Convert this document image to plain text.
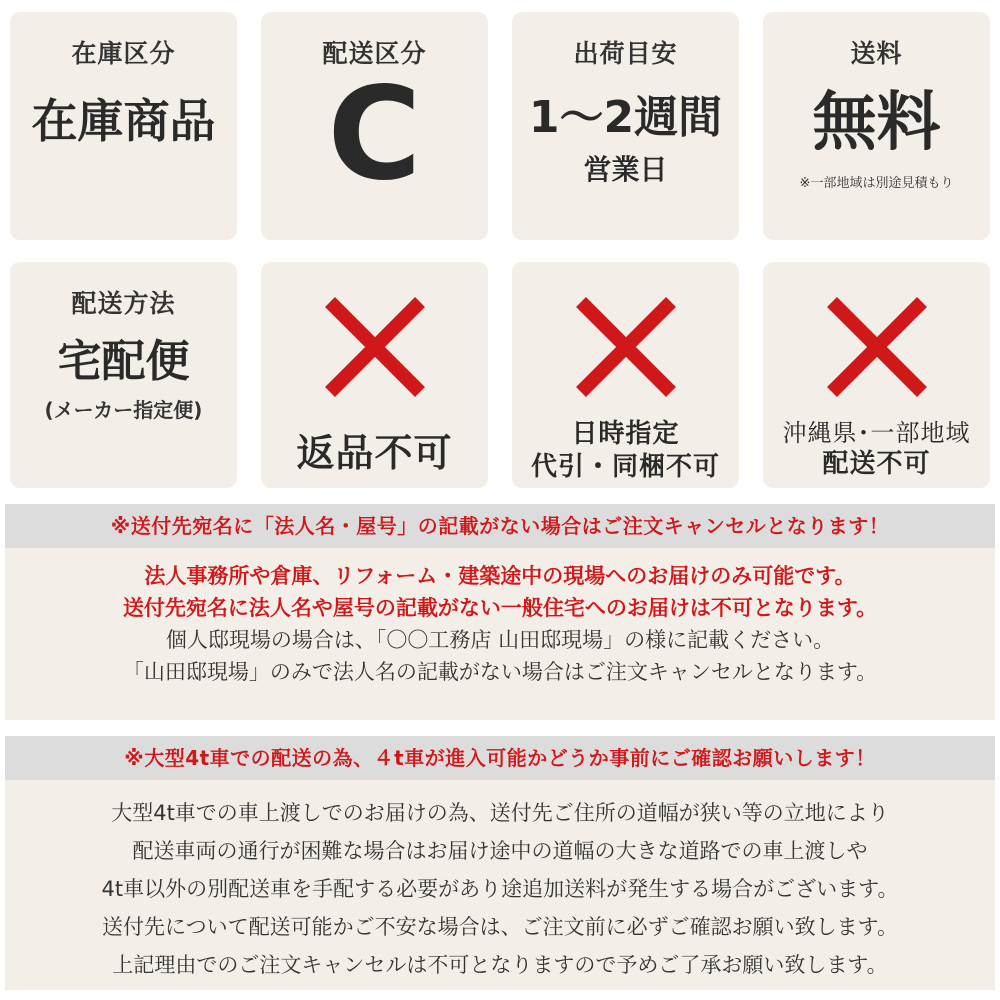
在庫区分
在庫商品
配送区分
C
出荷目安
1〜2週間
営業日
送料
無料
※一部地域は別途見積もり
配送方法
宅配便
(メーカー指定便)
返品不可	日時指定
代引・同梱不可
沖縄県･一部地域
配送不可
※送付先宛名に「法人名・屋号」の記載がない場合はご注文キャンセルとなります！
法人事務所や倉庫、リフォーム・建築途中の現場へのお届けのみ可能です。
送付先宛名に法人名や屋号の記載がない一般住宅へのお届けは不可となります。
個人邸現場の場合は、「〇〇工務店 山田邸現場」の様に記載ください。
「山田邸現場」のみで法人名の記載がない場合はご注文キャンセルとなります。
※大型4t車での配送の為、４t車が進入可能かどうか事前にご確認お願いします！
大型4t車での車上渡しでのお届けの為、送付先ご住所の道幅が狭い等の立地により
配送車両の通行が困難な場合はお届け途中の道幅の大きな道路での車上渡しや
4t車以外の別配送車を手配する必要があり途追加送料が発生する場合がございます。
送付先について配送可能かご不安な場合は、ご注文前に必ずご確認お願い致します。
上記理由でのご注文キャンセルは不可となりますので予めご了承お願い致します。
